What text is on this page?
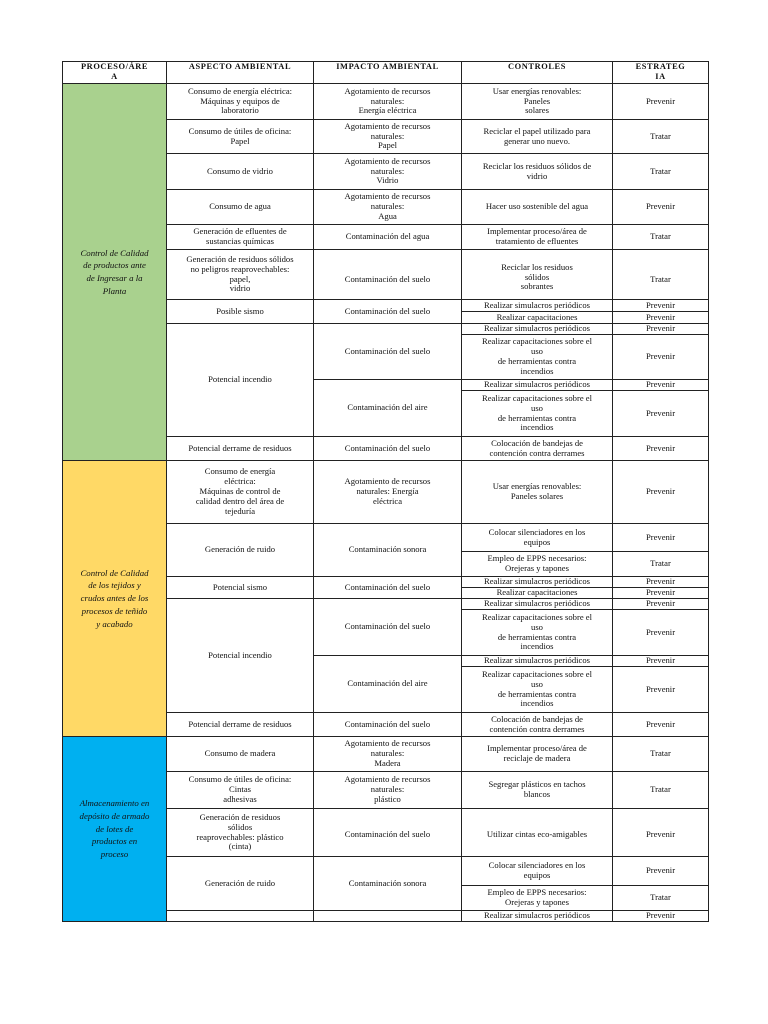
PROCESO/ÁRE
A	ASPECTO AMBIENTAL	IMPACTO AMBIENTAL	CONTROLES	ESTRATEG
IA
Control de Calidad
de productos ante
de Ingresar a la
Planta	Consumo de energía eléctrica:
Máquinas y equipos de
laboratorio	Agotamiento de recursos
naturales:
Energía eléctrica	Usar energías renovables:
Paneles
solares	Prevenir
	Consumo de útiles de oficina:
Papel	Agotamiento de recursos
naturales:
Papel	Reciclar el papel utilizado para
generar uno nuevo.	Tratar
	Consumo de vidrio	Agotamiento de recursos
naturales:
Vidrio	Reciclar los residuos sólidos de
vidrio	Tratar
	Consumo de agua	Agotamiento de recursos
naturales:
Agua	Hacer uso sostenible del agua	Prevenir
	Generación de efluentes de
sustancias químicas	Contaminación del agua	Implementar proceso/área de
tratamiento de efluentes	Tratar
	Generación de residuos sólidos
no peligros reaprovechables:
papel,
vidrio	Contaminación del suelo	Reciclar los residuos
sólidos
sobrantes	Tratar
	Posible sismo	Contaminación del suelo	Realizar simulacros periódicos	Prevenir
			Realizar capacitaciones	Prevenir
	Potencial incendio	Contaminación del suelo	Realizar simulacros periódicos	Prevenir
			Realizar capacitaciones sobre el
uso
de herramientas contra
incendios	Prevenir
		Contaminación del aire	Realizar simulacros periódicos	Prevenir
			Realizar capacitaciones sobre el
uso
de herramientas contra
incendios	Prevenir
	Potencial derrame de residuos	Contaminación del suelo	Colocación de bandejas de
contención contra derrames	Prevenir

Control de Calidad
de los tejidos y
crudos antes de los
procesos de teñido
y acabado	Consumo de energía
eléctrica:
Máquinas de control de
calidad dentro del área de
tejeduría	Agotamiento de recursos
naturales: Energía
eléctrica	Usar energías renovables:
Paneles solares	Prevenir
	Generación de ruido	Contaminación sonora	Colocar silenciadores en los
equipos	Prevenir
			Empleo de EPPS necesarios:
Orejeras y tapones	Tratar
	Potencial sismo	Contaminación del suelo	Realizar simulacros periódicos	Prevenir
			Realizar capacitaciones	Prevenir
	Potencial incendio	Contaminación del suelo	Realizar simulacros periódicos	Prevenir
			Realizar capacitaciones sobre el
uso
de herramientas contra
incendios	Prevenir
		Contaminación del aire	Realizar simulacros periódicos	Prevenir
			Realizar capacitaciones sobre el
uso
de herramientas contra
incendios	Prevenir
	Potencial derrame de residuos	Contaminación del suelo	Colocación de bandejas de
contención contra derrames	Prevenir

Almacenamiento en
depósito de armado
de lotes de
productos en
proceso	Consumo de madera	Agotamiento de recursos
naturales:
Madera	Implementar proceso/área de
reciclaje de madera	Tratar
	Consumo de útiles de oficina:
Cintas
adhesivas	Agotamiento de recursos
naturales:
plástico	Segregar plásticos en tachos
blancos	Tratar
	Generación de residuos
sólidos
reaprovechables: plástico
(cinta)	Contaminación del suelo	Utilizar cintas eco-amigables	Prevenir
	Generación de ruido	Contaminación sonora	Colocar silenciadores en los
equipos	Prevenir
			Empleo de EPPS necesarios:
Orejeras y tapones	Tratar
			Realizar simulacros periódicos	Prevenir
